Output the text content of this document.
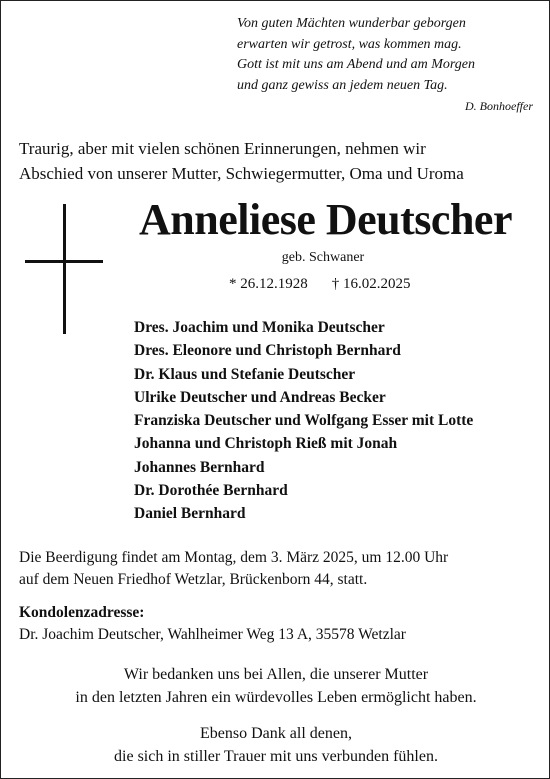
Von guten Mächten wunderbar geborgen
erwarten wir getrost, was kommen mag.
Gott ist mit uns am Abend und am Morgen
und ganz gewiss an jedem neuen Tag.
D. Bonhoeffer
Traurig, aber mit vielen schönen Erinnerungen, nehmen wir
Abschied von unserer Mutter, Schwiegermutter, Oma und Uroma
Anneliese Deutscher
geb. Schwaner
* 26.12.1928 † 16.02.2025
Dres. Joachim und Monika Deutscher
Dres. Eleonore und Christoph Bernhard
Dr. Klaus und Stefanie Deutscher
Ulrike Deutscher und Andreas Becker
Franziska Deutscher und Wolfgang Esser mit Lotte
Johanna und Christoph Rieß mit Jonah
Johannes Bernhard
Dr. Dorothée Bernhard
Daniel Bernhard
Die Beerdigung findet am Montag, dem 3. März 2025, um 12.00 Uhr
auf dem Neuen Friedhof Wetzlar, Brückenborn 44, statt.
Kondolenzadresse:
Dr. Joachim Deutscher, Wahlheimer Weg 13 A, 35578 Wetzlar
Wir bedanken uns bei Allen, die unserer Mutter
in den letzten Jahren ein würdevolles Leben ermöglicht haben.
Ebenso Dank all denen,
die sich in stiller Trauer mit uns verbunden fühlen.
